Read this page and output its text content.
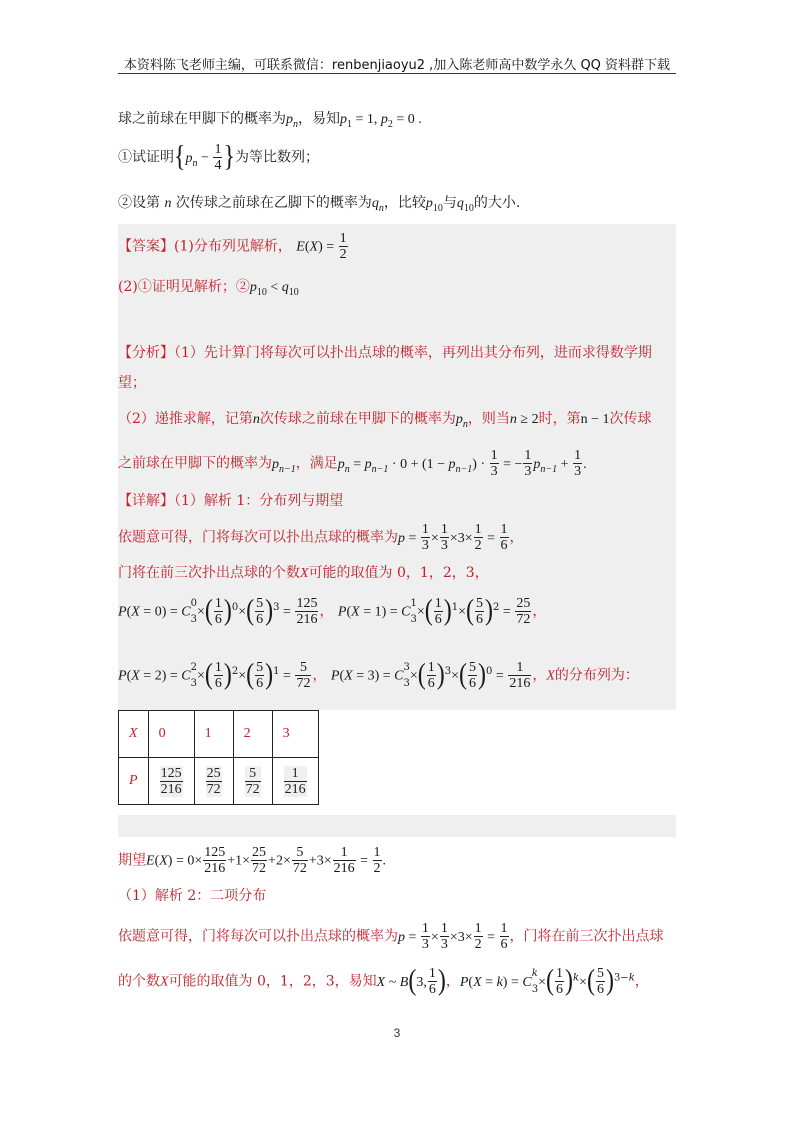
本资料陈飞老师主编，可联系微信：renbenjiaoyu2 ,加入陈老师高中数学永久 QQ 资料群下载
球之前球在甲脚下的概率为$p_n$，易知$p_1 = 1$, $p_2 = 0$ .
①试证明{$p_n - \frac{1}{4}$ }为等比数列；
②设第 n 次传球之前球在乙脚下的概率为$q_n$，比较$p_{10}$与$q_{10}$的大小.
【答案】(1)分布列见解析， $E(X) = \frac{1}{2}$
(2)①证明见解析；$②p_{10} < q_{10}$
【分析】（1）先计算门将每次可以扑出点球的概率，再列出其分布列，进而求得数学期
望；
（2）递推求解，记第n次传球之前球在甲脚下的概率为$p_n$，则当n ≥ 2时，第n − 1次传球
之前球在甲脚下的概率为$p_{n-1}$，满足$p_n = p_{n-1} \cdot 0 + (1 - p_{n-1}) \cdot \frac{1}{3}$ = − $\frac{1}{3} p_{n-1} + \frac{1}{3}$ .
【详解】（1）解析 1：分布列与期望
依题意可得，门将每次可以扑出点球的概率为$p = \frac{1}{3} \times \frac{1}{3} \times 3\times \frac{1}{2} = \frac{1}{6}$ ，
门将在前三次扑出点球的个数X可能的取值为 0，1，2，3，
$P(X = 0) = C^0$
$_3\times( \frac{1}{6} )^0\times( \frac{5}{6} )^3 = \frac{125}{216}$ ， $P(X = 1) = C^1$
$_3\times( \frac{1}{6} )^1\times( \frac{5}{6} )^2 = \frac{25}{72}$ ，
$P(X = 2) = C^2$
$_3\times( \frac{1}{6} )^2\times( \frac{5}{6} )^1 = \frac{5}{72}$ ， $P(X = 3) = C^3$
$_3\times( \frac{1}{6} )^3\times( \frac{5}{6} )^0 = \frac{1}{216}$ ，X的分布列为：
X	0	1	2	3
P	$\frac{125}{216}$	$\frac{25}{72}$	$\frac{5}{72}$	$\frac{1}{216}$
期望$E(X) = 0\times \frac{125}{216} +1\times \frac{25}{72} +2\times \frac{5}{72} +3\times \frac{1}{216} = \frac{1}{2}$ .
（1）解析 2：二项分布
依题意可得，门将每次可以扑出点球的概率为$p = \frac{1}{3} \times \frac{1}{3} \times 3\times \frac{1}{2} = \frac{1}{6}$ ，门将在前三次扑出点球
的个数X可能的取值为 0，1，2，3，易知X ~ B(3, $\frac{1}{6}$ )，$P(X = k) = C^k$
$_3\times( \frac{1}{6} )^k\times( \frac{5}{6} )^{3-k}$，
3
